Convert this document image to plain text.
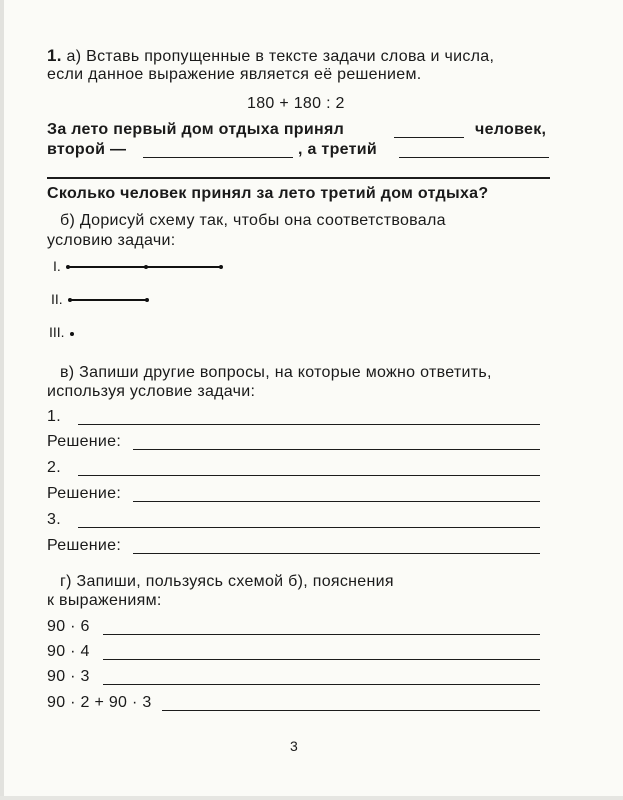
1. а) Вставь пропущенные в тексте задачи слова и числа,
если данное выражение является её решением.
180 + 180 : 2
За лето первый дом отдыха принял	человек,
второй —	, а третий
Сколько человек принял за лето третий дом отдыха?
б) Дорисуй схему так, чтобы она соответствовала
условию задачи:
I.
II.
III.
в) Запиши другие вопросы, на которые можно ответить,
используя условие задачи:
1.
Решение:
2.
Решение:
3.
Решение:
г) Запиши, пользуясь схемой б), пояснения
к выражениям:
90 · 6
90 · 4
90 · 3
90 · 2 + 90 · 3
3
